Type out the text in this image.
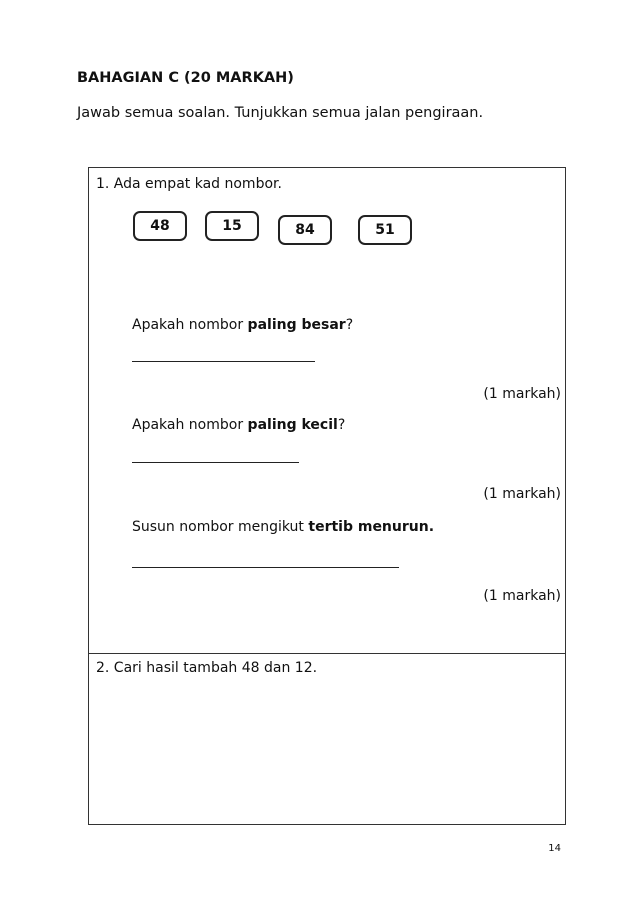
BAHAGIAN C (20 MARKAH)
Jawab semua soalan. Tunjukkan semua jalan pengiraan.
1. Ada empat kad nombor.
48	15	84	51
Apakah nombor paling besar?
(1 markah)
Apakah nombor paling kecil?
(1 markah)
Susun nombor mengikut tertib menurun.
(1 markah)
2. Cari hasil tambah 48 dan 12.
14
